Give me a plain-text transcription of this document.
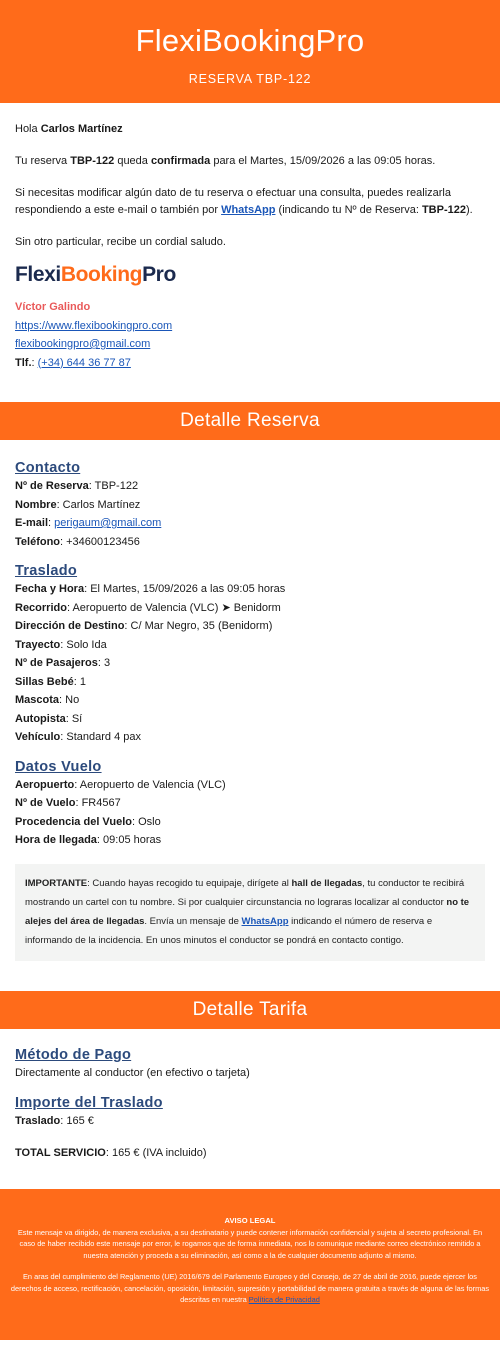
FlexiBookingPro
RESERVA TBP-122

Hola Carlos Martínez

Tu reserva TBP-122 queda confirmada para el Martes, 15/09/2026 a las 09:05 horas.

Si necesitas modificar algún dato de tu reserva o efectuar una consulta, puedes realizarla respondiendo a este e-mail o también por WhatsApp (indicando tu Nº de Reserva: TBP-122).

Sin otro particular, recibe un cordial saludo.

FlexiBookingPro
Víctor Galindo
https://www.flexibookingpro.com
flexibookingpro@gmail.com
Tlf.: (+34) 644 36 77 87
Detalle Reserva
Contacto
Nº de Reserva: TBP-122
Nombre: Carlos Martínez
E-mail: perigaum@gmail.com
Teléfono: +34600123456
Traslado
Fecha y Hora: El Martes, 15/09/2026 a las 09:05 horas
Recorrido: Aeropuerto de Valencia (VLC) ➤ Benidorm
Dirección de Destino: C/ Mar Negro, 35 (Benidorm)
Trayecto: Solo Ida
Nº de Pasajeros: 3
Sillas Bebé: 1
Mascota: No
Autopista: Sí
Vehículo: Standard 4 pax
Datos Vuelo
Aeropuerto: Aeropuerto de Valencia (VLC)
Nº de Vuelo: FR4567
Procedencia del Vuelo: Oslo
Hora de llegada: 09:05 horas
IMPORTANTE: Cuando hayas recogido tu equipaje, dirígete al hall de llegadas, tu conductor te recibirá mostrando un cartel con tu nombre. Si por cualquier circunstancia no lograras localizar al conductor no te alejes del área de llegadas. Envía un mensaje de WhatsApp indicando el número de reserva e informando de la incidencia. En unos minutos el conductor se pondrá en contacto contigo.
Detalle Tarifa
Método de Pago
Directamente al conductor (en efectivo o tarjeta)
Importe del Traslado
Traslado: 165 €
TOTAL SERVICIO: 165 € (IVA incluido)
AVISO LEGAL

Este mensaje va dirigido, de manera exclusiva, a su destinatario y puede contener información confidencial y sujeta al secreto profesional. En caso de haber recibido este mensaje por error, le rogamos que de forma inmediata, nos lo comunique mediante correo electrónico remitido a nuestra atención y proceda a su eliminación, así como a la de cualquier documento adjunto al mismo.

En aras del cumplimiento del Reglamento (UE) 2016/679 del Parlamento Europeo y del Consejo, de 27 de abril de 2016, puede ejercer los derechos de acceso, rectificación, cancelación, oposición, limitación, supresión y portabilidad de manera gratuita a través de alguna de las formas descritas en nuestra Política de Privacidad
